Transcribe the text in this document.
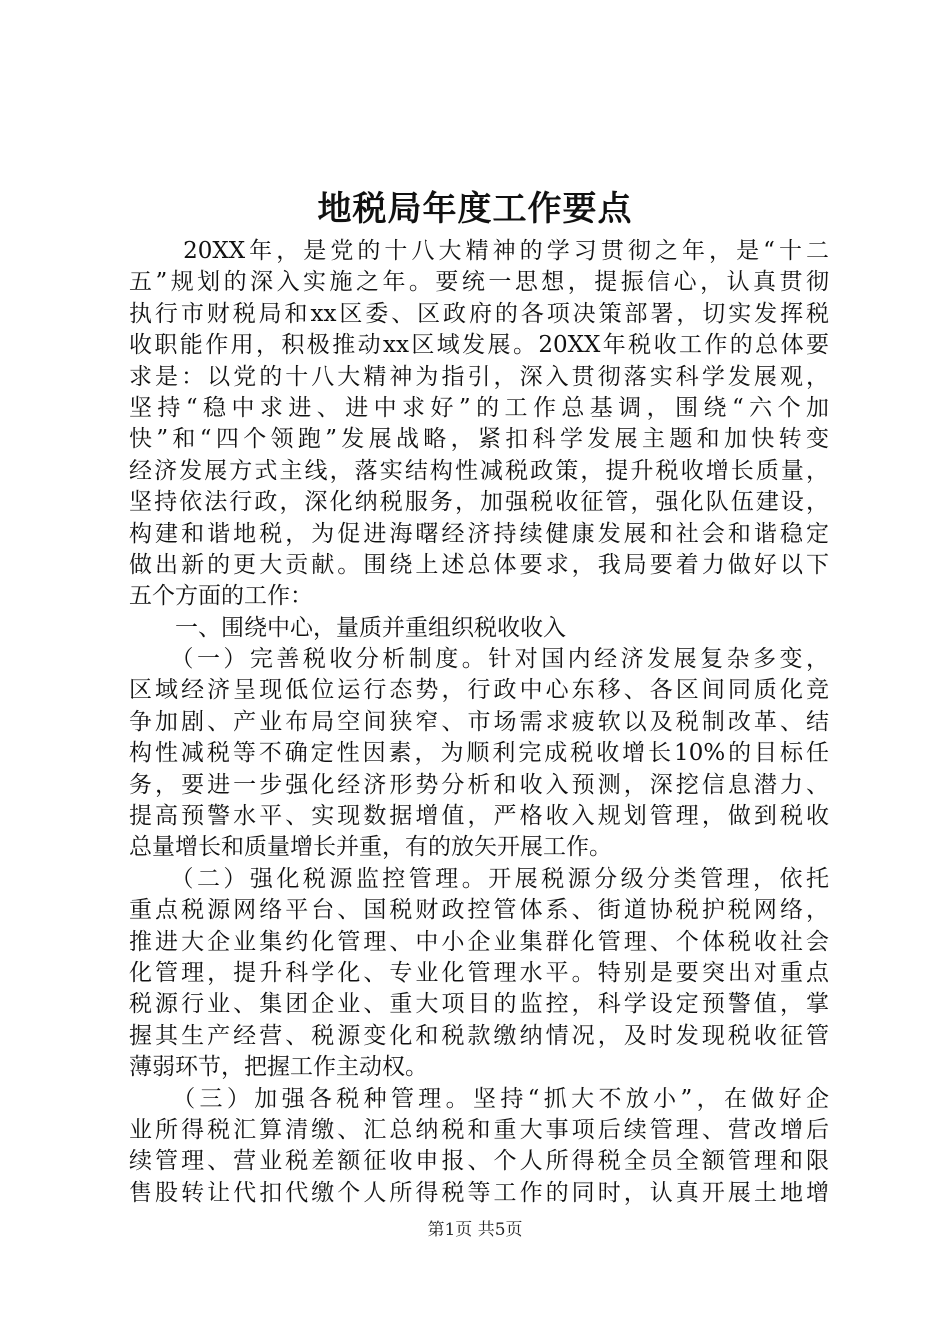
地税局年度工作要点
　　20XX年，是党的十八大精神的学习贯彻之年，是“十二
五”规划的深入实施之年。要统一思想，提振信心，认真贯彻
执行市财税局和xx区委、区政府的各项决策部署，切实发挥税
收职能作用，积极推动xx区域发展。20XX年税收工作的总体要
求是：以党的十八大精神为指引，深入贯彻落实科学发展观，
坚持“稳中求进、进中求好”的工作总基调，围绕“六个加
快”和“四个领跑”发展战略，紧扣科学发展主题和加快转变
经济发展方式主线，落实结构性减税政策，提升税收增长质量，
坚持依法行政，深化纳税服务，加强税收征管，强化队伍建设，
构建和谐地税，为促进海曙经济持续健康发展和社会和谐稳定
做出新的更大贡献。围绕上述总体要求，我局要着力做好以下
五个方面的工作：
　　一、围绕中心，量质并重组织税收收入
　　（一）完善税收分析制度。针对国内经济发展复杂多变，
区域经济呈现低位运行态势，行政中心东移、各区间同质化竞
争加剧、产业布局空间狭窄、市场需求疲软以及税制改革、结
构性减税等不确定性因素，为顺利完成税收增长10%的目标任
务，要进一步强化经济形势分析和收入预测，深挖信息潜力、
提高预警水平、实现数据增值，严格收入规划管理，做到税收
总量增长和质量增长并重，有的放矢开展工作。
　　（二）强化税源监控管理。开展税源分级分类管理，依托
重点税源网络平台、国税财政控管体系、街道协税护税网络，
推进大企业集约化管理、中小企业集群化管理、个体税收社会
化管理，提升科学化、专业化管理水平。特别是要突出对重点
税源行业、集团企业、重大项目的监控，科学设定预警值，掌
握其生产经营、税源变化和税款缴纳情况，及时发现税收征管
薄弱环节，把握工作主动权。
　　（三）加强各税种管理。坚持“抓大不放小”，在做好企
业所得税汇算清缴、汇总纳税和重大事项后续管理、营改增后
续管理、营业税差额征收申报、个人所得税全员全额管理和限
售股转让代扣代缴个人所得税等工作的同时，认真开展土地增
第1页 共5页
